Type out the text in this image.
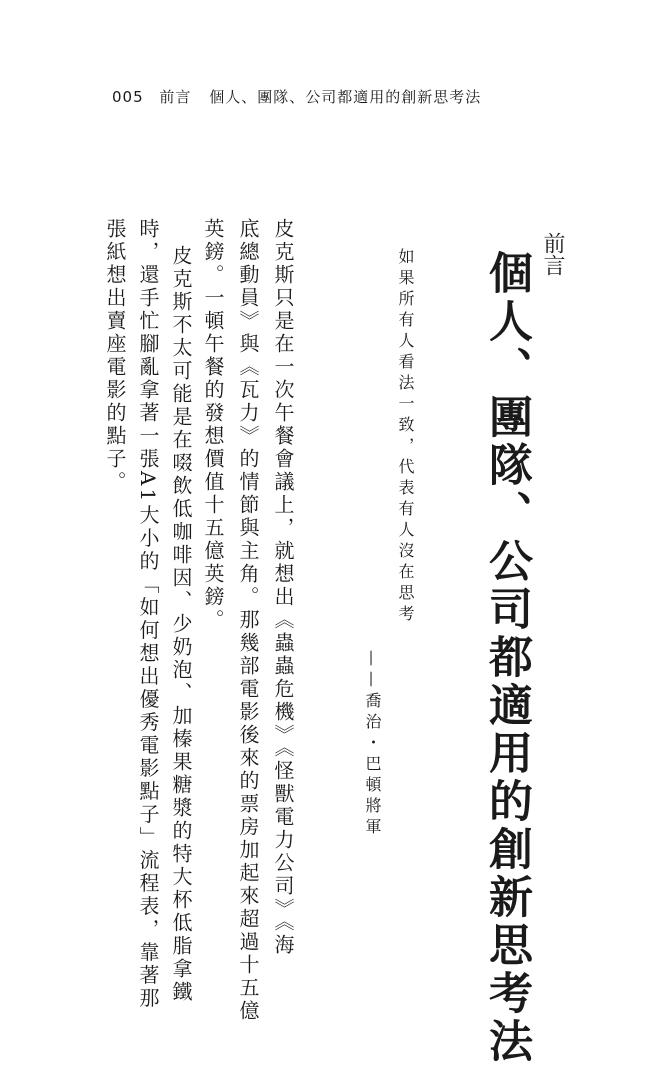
005 前言 個人、團隊、公司都適用的創新思考法
前言
個人、團隊、公司都適用的創新思考法
如果所有人看法一致，代表有人沒在思考
——喬治・巴頓將軍
皮克斯只是在一次午餐會議上，就想出《蟲蟲危機》《怪獸電力公司》《海
底總動員》與《瓦力》的情節與主角。那幾部電影後來的票房加起來超過十五億
英鎊。一頓午餐的發想價值十五億英鎊。
皮克斯不太可能是在啜飲低咖啡因、少奶泡、加榛果糖漿的特大杯低脂拿鐵
時，還手忙腳亂拿著一張A1大小的「如何想出優秀電影點子」流程表，靠著那
張紙想出賣座電影的點子。
